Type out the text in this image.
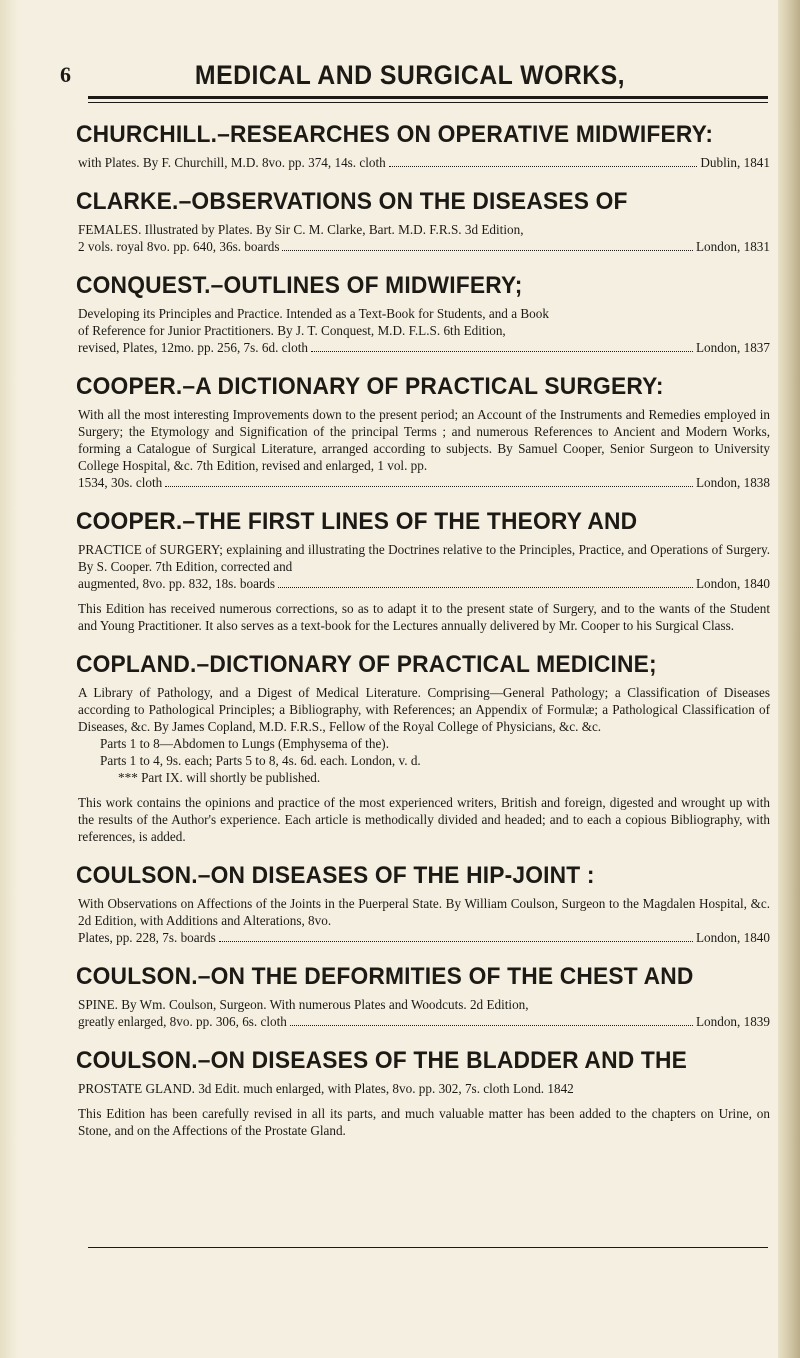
6	MEDICAL AND SURGICAL WORKS,
CHURCHILL.–RESEARCHES ON OPERATIVE MIDWIFERY:
with Plates. By F. Churchill, M.D. 8vo. pp. 374, 14s. cloth	Dublin, 1841
CLARKE.–OBSERVATIONS ON THE DISEASES OF
FEMALES. Illustrated by Plates. By Sir C. M. Clarke, Bart. M.D. F.R.S. 3d Edition,
2 vols. royal 8vo. pp. 640, 36s. boards	London, 1831
CONQUEST.–OUTLINES OF MIDWIFERY;
Developing its Principles and Practice. Intended as a Text-Book for Students, and a Book
of Reference for Junior Practitioners. By J. T. Conquest, M.D. F.L.S. 6th Edition,
revised, Plates, 12mo. pp. 256, 7s. 6d. cloth	London, 1837
COOPER.–A DICTIONARY OF PRACTICAL SURGERY:
With all the most interesting Improvements down to the present period; an Account of the Instruments and Remedies employed in Surgery; the Etymology and Signification of the principal Terms ; and numerous References to Ancient and Modern Works, forming a Catalogue of Surgical Literature, arranged according to subjects. By Samuel Cooper, Senior Surgeon to University College Hospital, &c. 7th Edition, revised and enlarged, 1 vol. pp.
1534, 30s. cloth	London, 1838
COOPER.–THE FIRST LINES OF THE THEORY AND
PRACTICE of SURGERY; explaining and illustrating the Doctrines relative to the Principles, Practice, and Operations of Surgery. By S. Cooper. 7th Edition, corrected and
augmented, 8vo. pp. 832, 18s. boards	London, 1840
This Edition has received numerous corrections, so as to adapt it to the present state of Surgery, and to the wants of the Student and Young Practitioner. It also serves as a text-book for the Lectures annually delivered by Mr. Cooper to his Surgical Class.
COPLAND.–DICTIONARY OF PRACTICAL MEDICINE;
A Library of Pathology, and a Digest of Medical Literature. Comprising—General Pathology; a Classification of Diseases according to Pathological Principles; a Bibliography, with References; an Appendix of Formulæ; a Pathological Classification of Diseases, &c. By James Copland, M.D. F.R.S., Fellow of the Royal College of Physicians, &c. &c.
Parts 1 to 8—Abdomen to Lungs (Emphysema of the).
Parts 1 to 4, 9s. each; Parts 5 to 8, 4s. 6d. each. London, v. d.
*** Part IX. will shortly be published.
This work contains the opinions and practice of the most experienced writers, British and foreign, digested and wrought up with the results of the Author's experience. Each article is methodically divided and headed; and to each a copious Bibliography, with references, is added.
COULSON.–ON DISEASES OF THE HIP-JOINT :
With Observations on Affections of the Joints in the Puerperal State. By William Coulson, Surgeon to the Magdalen Hospital, &c. 2d Edition, with Additions and Alterations, 8vo.
Plates, pp. 228, 7s. boards	London, 1840
COULSON.–ON THE DEFORMITIES OF THE CHEST AND
SPINE. By Wm. Coulson, Surgeon. With numerous Plates and Woodcuts. 2d Edition,
greatly enlarged, 8vo. pp. 306, 6s. cloth	London, 1839
COULSON.–ON DISEASES OF THE BLADDER AND THE
PROSTATE GLAND. 3d Edit. much enlarged, with Plates, 8vo. pp. 302, 7s. cloth Lond. 1842
This Edition has been carefully revised in all its parts, and much valuable matter has been added to the chapters on Urine, on Stone, and on the Affections of the Prostate Gland.
